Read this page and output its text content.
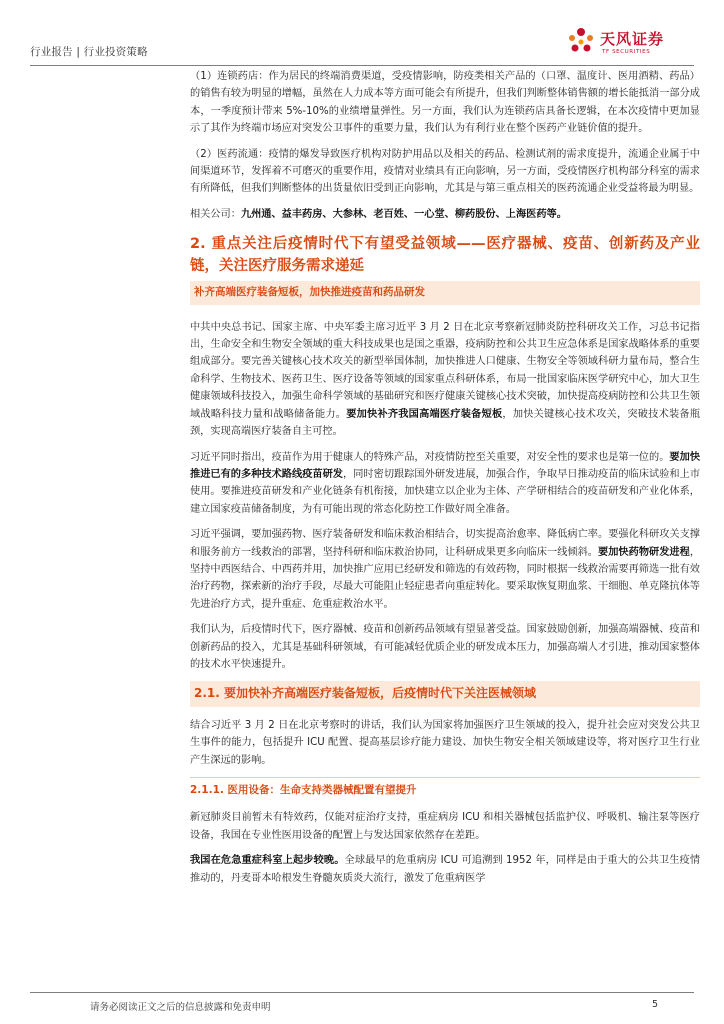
行业报告 | 行业投资策略
天风证券
TF SECURITIES

（1）连锁药店：作为居民的终端消费渠道，受疫情影响，防疫类相关产品的（口罩、温度计、医用酒精、药品）的销售有较为明显的增幅，虽然在人力成本等方面可能会有所提升，但我们判断整体销售额的增长能抵消一部分成本，一季度预计带来 5%-10%的业绩增量弹性。另一方面，我们认为连锁药店具备长逻辑，在本次疫情中更加显示了其作为终端市场应对突发公卫事件的重要力量，我们认为有利行业在整个医药产业链价值的提升。

（2）医药流通：疫情的爆发导致医疗机构对防护用品以及相关的药品、检测试剂的需求度提升，流通企业属于中间渠道环节，发挥着不可磨灭的重要作用，疫情对业绩具有正向影响，另一方面，受疫情医疗机构部分科室的需求有所降低，但我们判断整体的出货量依旧受到正向影响，尤其是与第三重点相关的医药流通企业受益将最为明显。

相关公司：九州通、益丰药房、大参林、老百姓、一心堂、柳药股份、上海医药等。

2. 重点关注后疫情时代下有望受益领域——医疗器械、疫苗、创新药及产业链，关注医疗服务需求递延
补齐高端医疗装备短板，加快推进疫苗和药品研发

中共中央总书记、国家主席、中央军委主席习近平 3 月 2 日在北京考察新冠肺炎防控科研攻关工作，习总书记指出，生命安全和生物安全领域的重大科技成果也是国之重器，疫病防控和公共卫生应急体系是国家战略体系的重要组成部分。要完善关键核心技术攻关的新型举国体制，加快推进人口健康、生物安全等领域科研力量布局，整合生命科学、生物技术、医药卫生、医疗设备等领域的国家重点科研体系，布局一批国家临床医学研究中心，加大卫生健康领域科技投入，加强生命科学领域的基础研究和医疗健康关键核心技术突破，加快提高疫病防控和公共卫生领域战略科技力量和战略储备能力。要加快补齐我国高端医疗装备短板，加快关键核心技术攻关，突破技术装备瓶颈，实现高端医疗装备自主可控。

习近平同时指出，疫苗作为用于健康人的特殊产品，对疫情防控至关重要，对安全性的要求也是第一位的。要加快推进已有的多种技术路线疫苗研发，同时密切跟踪国外研发进展，加强合作，争取早日推动疫苗的临床试验和上市使用。要推进疫苗研发和产业化链条有机衔接，加快建立以企业为主体、产学研相结合的疫苗研发和产业化体系，建立国家疫苗储备制度，为有可能出现的常态化防控工作做好周全准备。

习近平强调，要加强药物、医疗装备研发和临床救治相结合，切实提高治愈率、降低病亡率。要强化科研攻关支撑和服务前方一线救治的部署，坚持科研和临床救治协同，让科研成果更多向临床一线倾斜。要加快药物研发进程，坚持中西医结合、中西药并用，加快推广应用已经研发和筛选的有效药物，同时根据一线救治需要再筛选一批有效治疗药物，探索新的治疗手段，尽最大可能阻止轻症患者向重症转化。要采取恢复期血浆、干细胞、单克隆抗体等先进治疗方式，提升重症、危重症救治水平。

我们认为，后疫情时代下，医疗器械、疫苗和创新药品领域有望显著受益。国家鼓励创新，加强高端器械、疫苗和创新药品的投入，尤其是基础科研领域，有可能减轻优质企业的研发成本压力，加强高端人才引进，推动国家整体的技术水平快速提升。

2.1. 要加快补齐高端医疗装备短板，后疫情时代下关注医械领域

结合习近平 3 月 2 日在北京考察时的讲话，我们认为国家将加强医疗卫生领域的投入，提升社会应对突发公共卫生事件的能力，包括提升 ICU 配置、提高基层诊疗能力建设、加快生物安全相关领域建设等，将对医疗卫生行业产生深远的影响。

2.1.1. 医用设备：生命支持类器械配置有望提升

新冠肺炎目前暂未有特效药，仅能对症治疗支持，重症病房 ICU 和相关器械包括监护仪、呼吸机、输注泵等医疗设备，我国在专业性医用设备的配置上与发达国家依然存在差距。

我国在危急重症科室上起步较晚。全球最早的危重病房 ICU 可追溯到 1952 年，同样是由于重大的公共卫生疫情推动的，丹麦哥本哈根发生脊髓灰质炎大流行，激发了危重病医学

请务必阅读正文之后的信息披露和免责申明	5
